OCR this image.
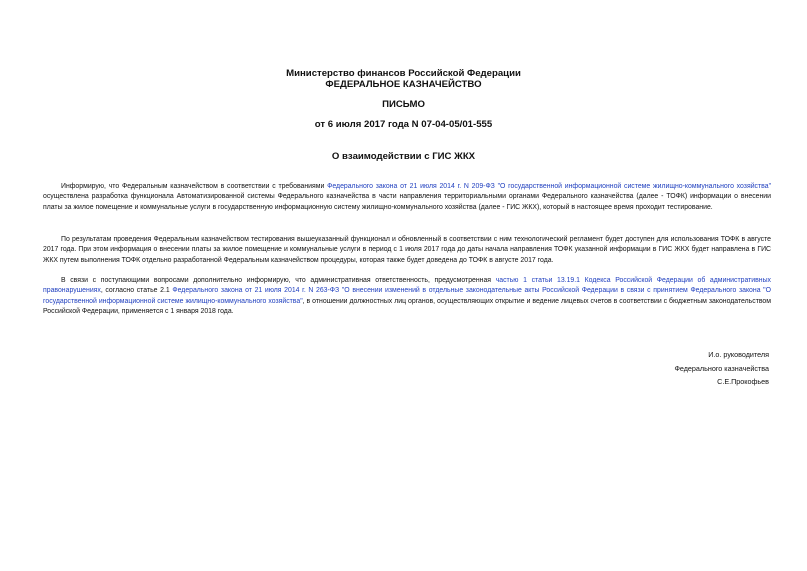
Министерство финансов Российской Федерации
ФЕДЕРАЛЬНОЕ КАЗНАЧЕЙСТВО
ПИСЬМО
от 6 июля 2017 года N 07-04-05/01-555
О взаимодействии с ГИС ЖКХ

Информирую, что Федеральным казначейством в соответствии с требованиями Федерального закона от 21 июля 2014 г. N 209-ФЗ "О государственной информационной системе жилищно-коммунального хозяйства" осуществлена разработка функционала Автоматизированной системы Федерального казначейства в части направления территориальными органами Федерального казначейства (далее - ТОФК) информации о внесении платы за жилое помещение и коммунальные услуги в государственную информационную систему жилищно-коммунального хозяйства (далее - ГИС ЖКХ), который в настоящее время проходит тестирование.

По результатам проведения Федеральным казначейством тестирования вышеуказанный функционал и обновленный в соответствии с ним технологический регламент будет доступен для использования ТОФК в августе 2017 года. При этом информация о внесении платы за жилое помещение и коммунальные услуги в период с 1 июля 2017 года до даты начала направления ТОФК указанной информации в ГИС ЖКХ будет направлена в ГИС ЖКХ путем выполнения ТОФК отдельно разработанной Федеральным казначейством процедуры, которая также будет доведена до ТОФК в августе 2017 года.

В связи с поступающими вопросами дополнительно информирую, что административная ответственность, предусмотренная частью 1 статьи 13.19.1 Кодекса Российской Федерации об административных правонарушениях, согласно статье 2.1 Федерального закона от 21 июля 2014 г. N 263-ФЗ "О внесении изменений в отдельные законодательные акты Российской Федерации в связи с принятием Федерального закона "О государственной информационной системе жилищно-коммунального хозяйства", в отношении должностных лиц органов, осуществляющих открытие и ведение лицевых счетов в соответствии с бюджетным законодательством Российской Федерации, применяется с 1 января 2018 года.

И.о. руководителя
Федерального казначейства
С.Е.Прокофьев
